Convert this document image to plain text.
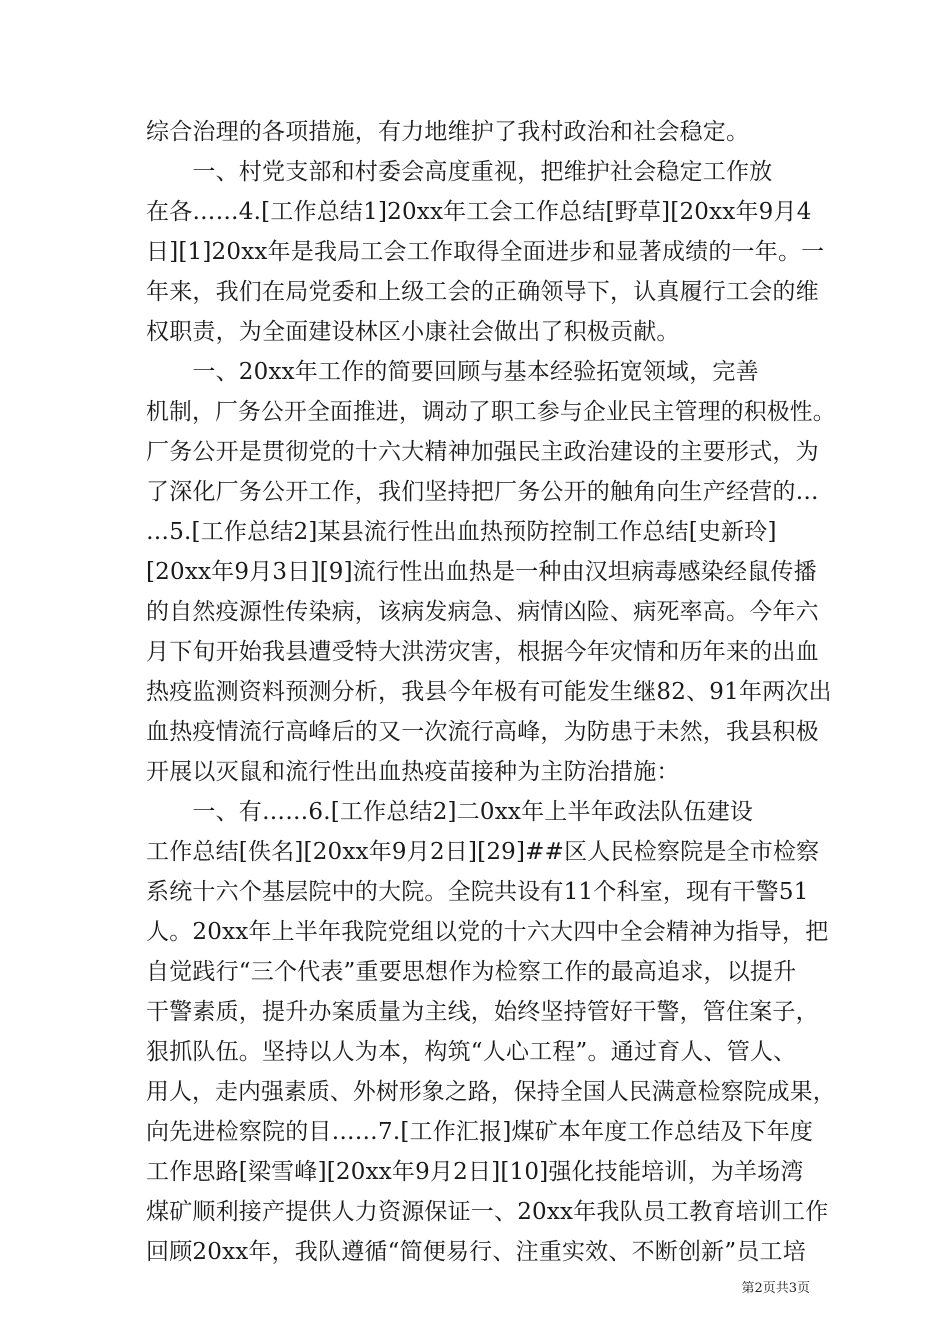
综合治理的各项措施，有力地维护了我村政治和社会稳定。
　　一、村党支部和村委会高度重视，把维护社会稳定工作放
在各……4.[工作总结1]20xx年工会工作总结[野草][20xx年9月4
日][1]20xx年是我局工会工作取得全面进步和显著成绩的一年。一
年来，我们在局党委和上级工会的正确领导下，认真履行工会的维
权职责，为全面建设林区小康社会做出了积极贡献。
　　一、20xx年工作的简要回顾与基本经验拓宽领域，完善
机制，厂务公开全面推进，调动了职工参与企业民主管理的积极性。
厂务公开是贯彻党的十六大精神加强民主政治建设的主要形式，为
了深化厂务公开工作，我们坚持把厂务公开的触角向生产经营的…
…5.[工作总结2]某县流行性出血热预防控制工作总结[史新玲]
[20xx年9月3日][9]流行性出血热是一种由汉坦病毒感染经鼠传播
的自然疫源性传染病，该病发病急、病情凶险、病死率高。今年六
月下旬开始我县遭受特大洪涝灾害，根据今年灾情和历年来的出血
热疫监测资料预测分析，我县今年极有可能发生继82、91年两次出
血热疫情流行高峰后的又一次流行高峰，为防患于未然，我县积极
开展以灭鼠和流行性出血热疫苗接种为主防治措施：
　　一、有……6.[工作总结2]二0xx年上半年政法队伍建设
工作总结[佚名][20xx年9月2日][29]##区人民检察院是全市检察
系统十六个基层院中的大院。全院共设有11个科室，现有干警51
人。20xx年上半年我院党组以党的十六大四中全会精神为指导，把
自觉践行“三个代表”重要思想作为检察工作的最高追求，以提升
干警素质，提升办案质量为主线，始终坚持管好干警，管住案子，
狠抓队伍。坚持以人为本，构筑“人心工程”。通过育人、管人、
用人，走内强素质、外树形象之路，保持全国人民满意检察院成果，
向先进检察院的目……7.[工作汇报]煤矿本年度工作总结及下年度
工作思路[梁雪峰][20xx年9月2日][10]强化技能培训，为羊场湾
煤矿顺利接产提供人力资源保证一、20xx年我队员工教育培训工作
回顾20xx年，我队遵循“简便易行、注重实效、不断创新”员工培
第2页共3页
